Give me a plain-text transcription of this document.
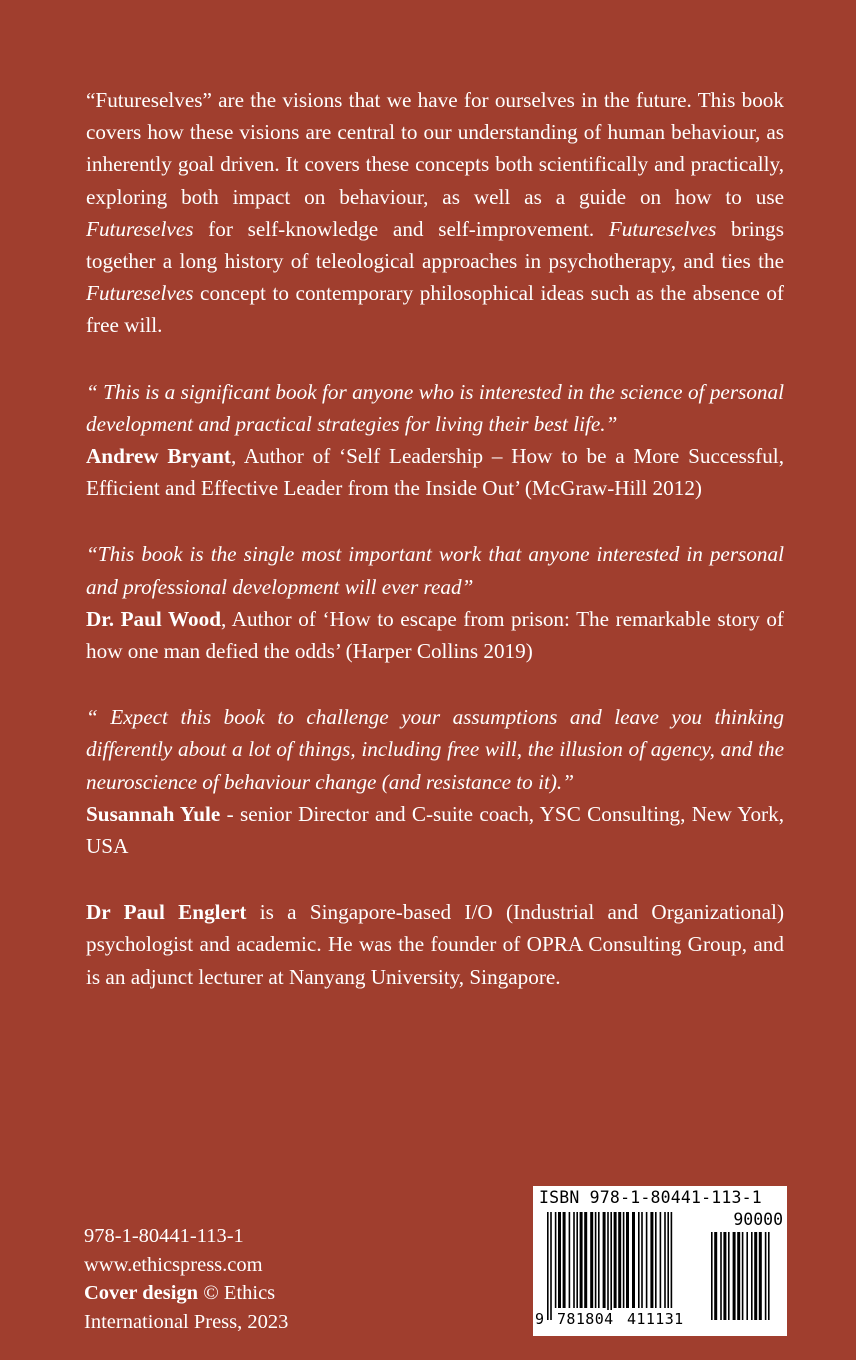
“Futureselves” are the visions that we have for ourselves in the future. This book covers how these visions are central to our understanding of human behaviour, as inherently goal driven. It covers these concepts both scientifically and practically, exploring both impact on behaviour, as well as a guide on how to use Futureselves for self-knowledge and self-improvement. Futureselves brings together a long history of teleological approaches in psychotherapy, and ties the Futureselves concept to contemporary philosophical ideas such as the absence of free will.

“ This is a significant book for anyone who is interested in the science of personal development and practical strategies for living their best life.”
Andrew Bryant, Author of ‘Self Leadership – How to be a More Successful, Efficient and Effective Leader from the Inside Out’ (McGraw-Hill 2012)

“This book is the single most important work that anyone interested in personal and professional development will ever read”
Dr. Paul Wood, Author of ‘How to escape from prison: The remarkable story of how one man defied the odds’ (Harper Collins 2019)

“ Expect this book to challenge your assumptions and leave you thinking differently about a lot of things, including free will, the illusion of agency, and the neuroscience of behaviour change (and resistance to it).”
Susannah Yule - senior Director and C-suite coach, YSC Consulting, New York, USA

Dr Paul Englert is a Singapore-based I/O (Industrial and Organizational) psychologist and academic. He was the founder of OPRA Consulting Group, and is an adjunct lecturer at Nanyang University, Singapore.

978-1-80441-113-1
www.ethicspress.com
Cover design © Ethics
International Press, 2023
ISBN 978-1-80441-113-1
90000
9 781804 411131
